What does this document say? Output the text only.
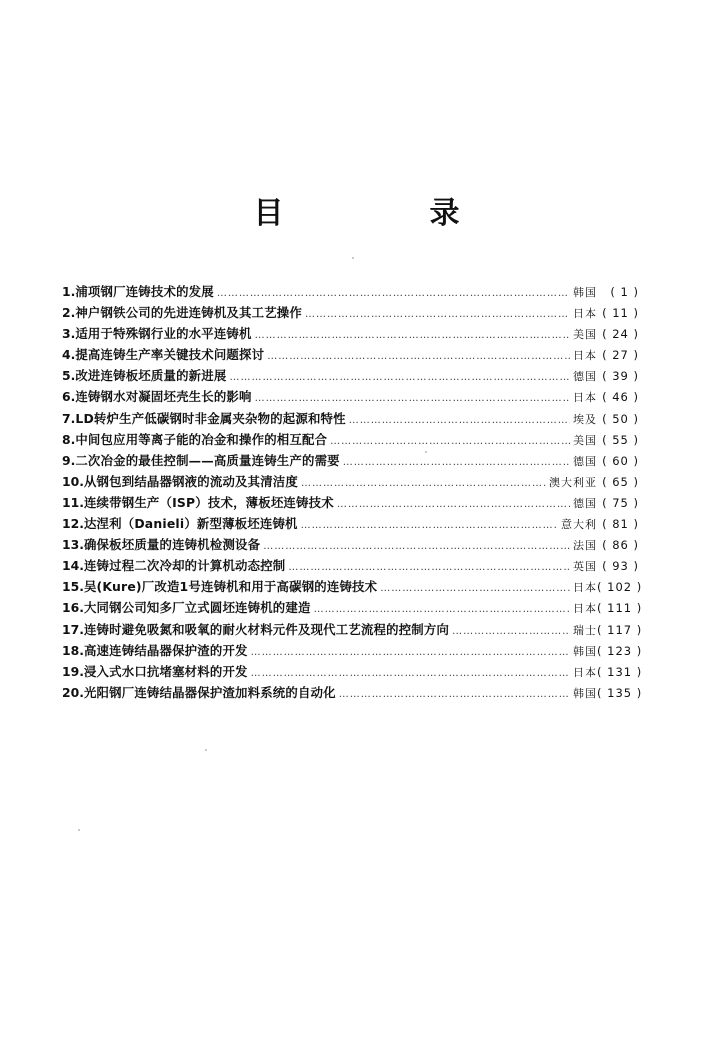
目　录
1. 浦项钢厂连铸技术的发展 ……………………………………………………………………………………………………………………………………………………………………	韩国	( 1 )
2. 神户钢铁公司的先进连铸机及其工艺操作 ……………………………………………………………………………………………………………………………………………………………………	日本 ( 11 )
3. 适用于特殊钢行业的水平连铸机 ……………………………………………………………………………………………………………………………………………………………………	美国 ( 24 )
4. 提高连铸生产率关键技术问题探讨 ……………………………………………………………………………………………………………………………………………………………………	日本 ( 27 )
5. 改进连铸板坯质量的新进展 ……………………………………………………………………………………………………………………………………………………………………	德国 ( 39 )
6. 连铸钢水对凝固坯壳生长的影响 ……………………………………………………………………………………………………………………………………………………………………	日本 ( 46 )
7. LD转炉生产低碳钢时非金属夹杂物的起源和特性 ……………………………………………………………………………………………………………………………………………………………………	埃及 ( 50 )
8. 中间包应用等离子能的冶金和操作的相互配合 ……………………………………………………………………………………………………………………………………………………………………	美国 ( 55 )
9. 二次冶金的最佳控制——高质量连铸生产的需要 ……………………………………………………………………………………………………………………………………………………………………	德国 ( 60 )
10. 从钢包到结晶器钢液的流动及其清洁度 ……………………………………………………………………………………………………………………………………………………………………	澳大利亚 ( 65 )
11. 连续带钢生产（ISP）技术，薄板坯连铸技术 ……………………………………………………………………………………………………………………………………………………………………	德国 ( 75 )
12. 达涅利（Danieli）新型薄板坯连铸机 ……………………………………………………………………………………………………………………………………………………………………	意大利 ( 81 )
13. 确保板坯质量的连铸机检测设备 ……………………………………………………………………………………………………………………………………………………………………	法国 ( 86 )
14. 连铸过程二次冷却的计算机动态控制 ……………………………………………………………………………………………………………………………………………………………………	英国 ( 93 )
15. 吴(Kure)厂改造1号连铸机和用于高碳钢的连铸技术 ……………………………………………………………………………………………………………………………………………………………………	日本 ( 102 )
16. 大同钢公司知多厂立式圆坯连铸机的建造 ……………………………………………………………………………………………………………………………………………………………………	日本 ( 111 )
17. 连铸时避免吸氮和吸氧的耐火材料元件及现代工艺流程的控制方向 ……………………………………………………………………………………………………………………………………………………………………	瑞士 ( 117 )
18. 高速连铸结晶器保护渣的开发 ……………………………………………………………………………………………………………………………………………………………………	韩国 ( 123 )
19. 浸入式水口抗堵塞材料的开发 ……………………………………………………………………………………………………………………………………………………………………	日本 ( 131 )
20. 光阳钢厂连铸结晶器保护渣加料系统的自动化 ……………………………………………………………………………………………………………………………………………………………………	韩国 ( 135 )
